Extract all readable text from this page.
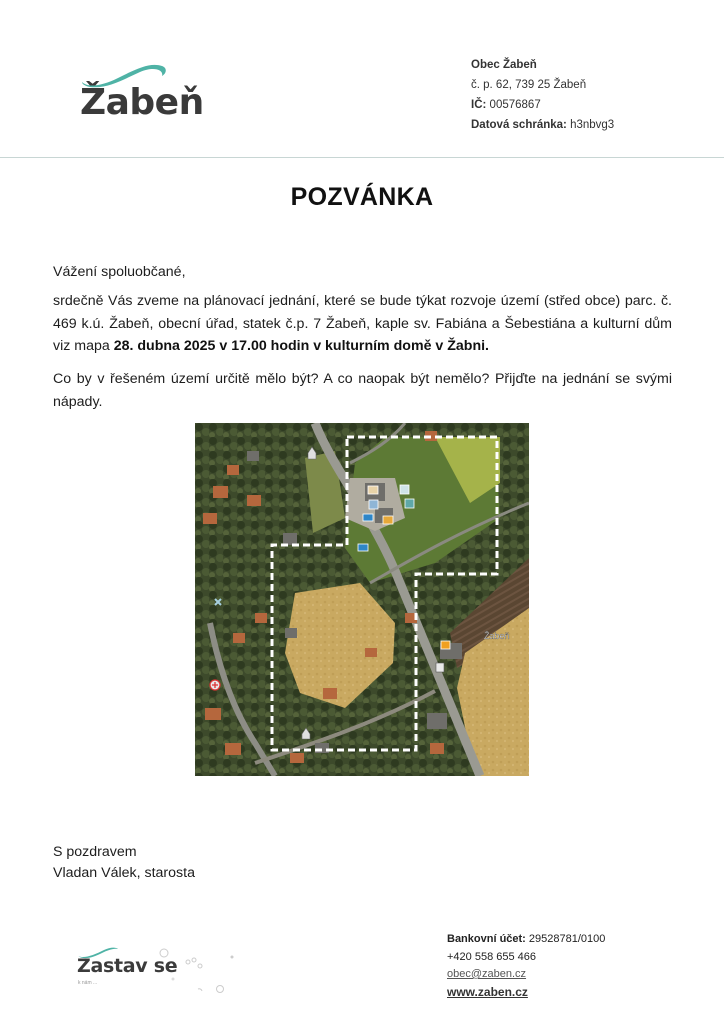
Žabeň
Obec Žabeň
č. p. 62, 739 25 Žabeň
IČ: 00576867
Datová schránka: h3nbvg3
POZVÁNKA
Vážení spoluobčané,
srdečně Vás zveme na plánovací jednání, které se bude týkat rozvoje území (střed obce) parc. č. 469 k.ú. Žabeň, obecní úřad, statek č.p. 7 Žabeň, kaple sv. Fabiána a Šebestiána a kulturní dům viz mapa 28. dubna 2025 v 17.00 hodin v kulturním domě v Žabni.
Co by v řešeném území určitě mělo být? A co naopak být nemělo? Přijďte na jednání se svými nápady.
Žabeň
S pozdravem
Vladan Válek, starosta
Zastav se
k nám ...
Bankovní účet: 29528781/0100
+420 558 655 466
obec@zaben.cz
www.zaben.cz
